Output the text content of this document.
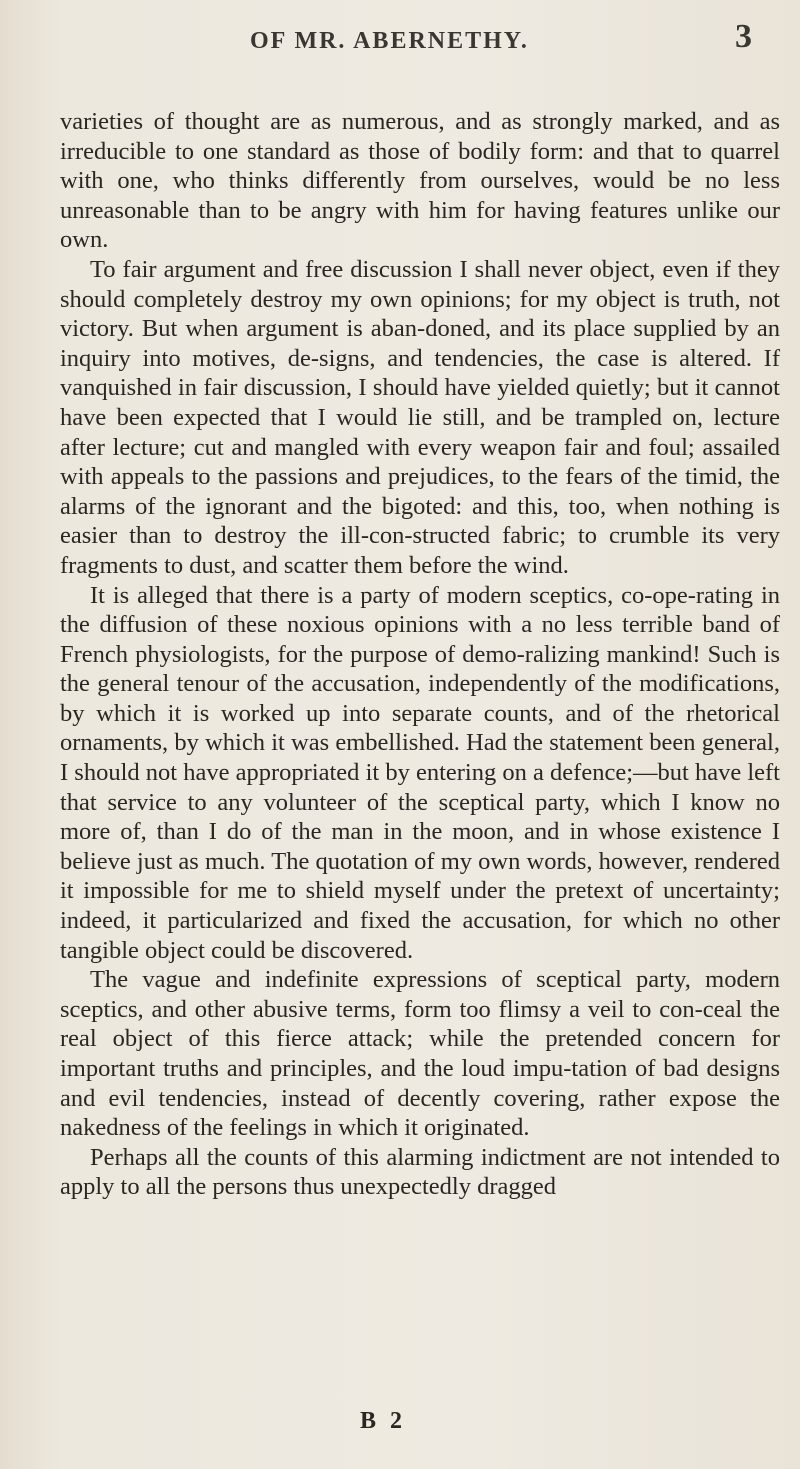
OF MR. ABERNETHY.	3

varieties of thought are as numerous, and as strongly marked, and as irreducible to one standard as those of bodily form: and that to quarrel with one, who thinks differently from ourselves, would be no less unreasonable than to be angry with him for having features unlike our own.

To fair argument and free discussion I shall never object, even if they should completely destroy my own opinions; for my object is truth, not victory. But when argument is aban-doned, and its place supplied by an inquiry into motives, de-signs, and tendencies, the case is altered. If vanquished in fair discussion, I should have yielded quietly; but it cannot have been expected that I would lie still, and be trampled on, lecture after lecture; cut and mangled with every weapon fair and foul; assailed with appeals to the passions and prejudices, to the fears of the timid, the alarms of the ignorant and the bigoted: and this, too, when nothing is easier than to destroy the ill-con-structed fabric; to crumble its very fragments to dust, and scatter them before the wind.

It is alleged that there is a party of modern sceptics, co-ope-rating in the diffusion of these noxious opinions with a no less terrible band of French physiologists, for the purpose of demo-ralizing mankind! Such is the general tenour of the accusation, independently of the modifications, by which it is worked up into separate counts, and of the rhetorical ornaments, by which it was embellished. Had the statement been general, I should not have appropriated it by entering on a defence;—but have left that service to any volunteer of the sceptical party, which I know no more of, than I do of the man in the moon, and in whose existence I believe just as much. The quotation of my own words, however, rendered it impossible for me to shield myself under the pretext of uncertainty; indeed, it particularized and fixed the accusation, for which no other tangible object could be discovered.

The vague and indefinite expressions of sceptical party, modern sceptics, and other abusive terms, form too flimsy a veil to con-ceal the real object of this fierce attack; while the pretended concern for important truths and principles, and the loud impu-tation of bad designs and evil tendencies, instead of decently covering, rather expose the nakedness of the feelings in which it originated.

Perhaps all the counts of this alarming indictment are not intended to apply to all the persons thus unexpectedly dragged

B 2
